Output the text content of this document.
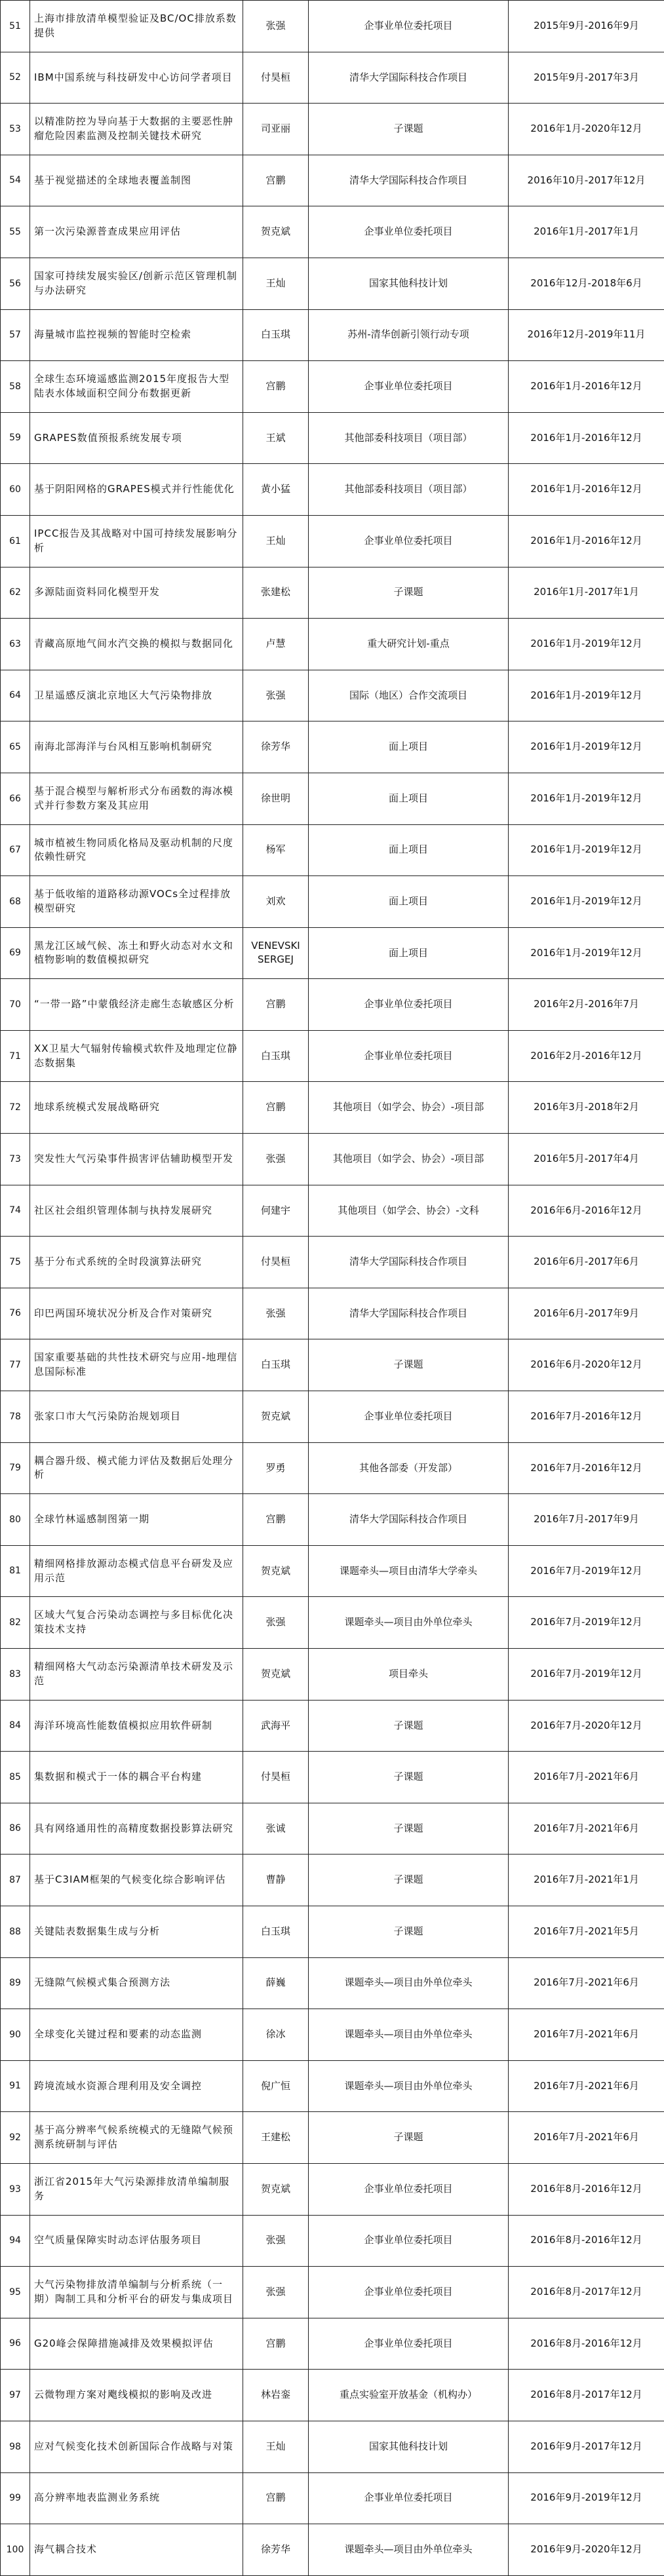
51	上海市排放清单模型验证及BC/OC排放系数提供	张强	企事业单位委托项目	2015年9月-2016年9月
52	IBM中国系统与科技研发中心访问学者项目	付昊桓	清华大学国际科技合作项目	2015年9月-2017年3月
53	以精准防控为导向基于大数据的主要恶性肿瘤危险因素监测及控制关键技术研究	司亚丽	子课题	2016年1月-2020年12月
54	基于视觉描述的全球地表覆盖制图	宫鹏	清华大学国际科技合作项目	2016年10月-2017年12月
55	第一次污染源普查成果应用评估	贺克斌	企事业单位委托项目	2016年1月-2017年1月
56	国家可持续发展实验区/创新示范区管理机制与办法研究	王灿	国家其他科技计划	2016年12月-2018年6月
57	海量城市监控视频的智能时空检索	白玉琪	苏州-清华创新引领行动专项	2016年12月-2019年11月
58	全球生态环境遥感监测2015年度报告大型陆表水体域面积空间分布数据更新	宫鹏	企事业单位委托项目	2016年1月-2016年12月
59	GRAPES数值预报系统发展专项	王斌	其他部委科技项目（项目部）	2016年1月-2016年12月
60	基于阴阳网格的GRAPES模式并行性能优化	黄小猛	其他部委科技项目（项目部）	2016年1月-2016年12月
61	IPCC报告及其战略对中国可持续发展影响分析	王灿	企事业单位委托项目	2016年1月-2016年12月
62	多源陆面资料同化模型开发	张建松	子课题	2016年1月-2017年1月
63	青藏高原地气间水汽交换的模拟与数据同化	卢慧	重大研究计划-重点	2016年1月-2019年12月
64	卫星遥感反演北京地区大气污染物排放	张强	国际（地区）合作交流项目	2016年1月-2019年12月
65	南海北部海洋与台风相互影响机制研究	徐芳华	面上项目	2016年1月-2019年12月
66	基于混合模型与解析形式分布函数的海冰模式并行参数方案及其应用	徐世明	面上项目	2016年1月-2019年12月
67	城市植被生物同质化格局及驱动机制的尺度依赖性研究	杨军	面上项目	2016年1月-2019年12月
68	基于低收缩的道路移动源VOCs全过程排放模型研究	刘欢	面上项目	2016年1月-2019年12月
69	黑龙江区域气候、冻土和野火动态对水文和植物影响的数值模拟研究	VENEVSKI SERGEJ	面上项目	2016年1月-2019年12月
70	“一带一路”中蒙俄经济走廊生态敏感区分析	宫鹏	企事业单位委托项目	2016年2月-2016年7月
71	XX卫星大气辐射传输模式软件及地理定位静态数据集	白玉琪	企事业单位委托项目	2016年2月-2016年12月
72	地球系统模式发展战略研究	宫鹏	其他项目（如学会、协会）-项目部	2016年3月-2018年2月
73	突发性大气污染事件损害评估辅助模型开发	张强	其他项目（如学会、协会）-项目部	2016年5月-2017年4月
74	社区社会组织管理体制与执持发展研究	何建宇	其他项目（如学会、协会）-文科	2016年6月-2016年12月
75	基于分布式系统的全时段演算法研究	付昊桓	清华大学国际科技合作项目	2016年6月-2017年6月
76	印巴两国环境状况分析及合作对策研究	张强	清华大学国际科技合作项目	2016年6月-2017年9月
77	国家重要基础的共性技术研究与应用-地理信息国际标准	白玉琪	子课题	2016年6月-2020年12月
78	张家口市大气污染防治规划项目	贺克斌	企事业单位委托项目	2016年7月-2016年12月
79	耦合器升级、模式能力评估及数据后处理分析	罗勇	其他各部委（开发部）	2016年7月-2016年12月
80	全球竹林遥感制图第一期	宫鹏	清华大学国际科技合作项目	2016年7月-2017年9月
81	精细网格排放源动态模式信息平台研发及应用示范	贺克斌	课题牵头—项目由清华大学牵头	2016年7月-2019年12月
82	区域大气复合污染动态调控与多目标优化决策技术支持	张强	课题牵头—项目由外单位牵头	2016年7月-2019年12月
83	精细网格大气动态污染源清单技术研发及示范	贺克斌	项目牵头	2016年7月-2019年12月
84	海洋环境高性能数值模拟应用软件研制	武海平	子课题	2016年7月-2020年12月
85	集数据和模式于一体的耦合平台构建	付昊桓	子课题	2016年7月-2021年6月
86	具有网络通用性的高精度数据投影算法研究	张诚	子课题	2016年7月-2021年6月
87	基于C3IAM框架的气候变化综合影响评估	曹静	子课题	2016年7月-2021年1月
88	关键陆表数据集生成与分析	白玉琪	子课题	2016年7月-2021年5月
89	无缝隙气候模式集合预测方法	薛巍	课题牵头—项目由外单位牵头	2016年7月-2021年6月
90	全球变化关键过程和要素的动态监测	徐冰	课题牵头—项目由外单位牵头	2016年7月-2021年6月
91	跨境流域水资源合理利用及安全调控	倪广恒	课题牵头—项目由外单位牵头	2016年7月-2021年6月
92	基于高分辨率气候系统模式的无缝隙气候预测系统研制与评估	王建松	子课题	2016年7月-2021年6月
93	浙江省2015年大气污染源排放清单编制服务	贺克斌	企事业单位委托项目	2016年8月-2016年12月
94	空气质量保障实时动态评估服务项目	张强	企事业单位委托项目	2016年8月-2016年12月
95	大气污染物排放清单编制与分析系统（一期）陶制工具和分析平台的研发与集成项目	张强	企事业单位委托项目	2016年8月-2017年12月
96	G20峰会保障措施减排及效果模拟评估	宫鹏	企事业单位委托项目	2016年8月-2016年12月
97	云微物理方案对飑线模拟的影响及改进	林岩銮	重点实验室开放基金（机构办）	2016年8月-2017年12月
98	应对气候变化技术创新国际合作战略与对策	王灿	国家其他科技计划	2016年9月-2017年12月
99	高分辨率地表监测业务系统	宫鹏	企事业单位委托项目	2016年9月-2019年12月
100	海气耦合技术	徐芳华	课题牵头—项目由外单位牵头	2016年9月-2020年12月
